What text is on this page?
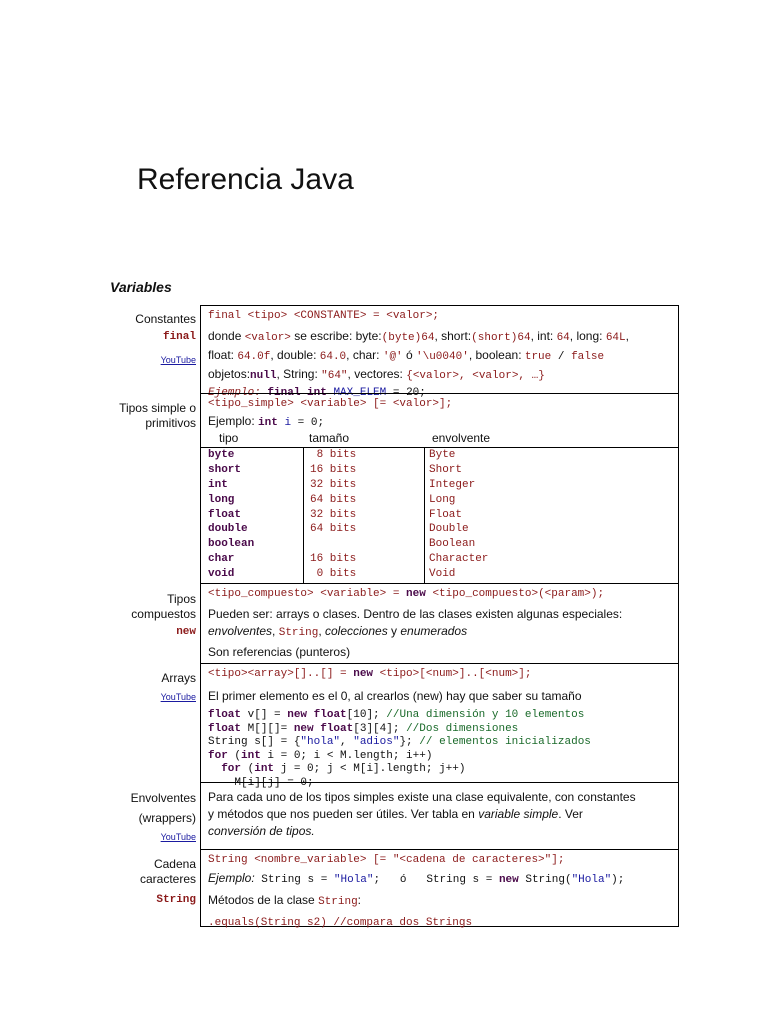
Referencia Java
Variables
Constantes
final
YouTube
final <tipo> <CONSTANTE> = <valor>;
donde <valor> se escribe: byte:(byte)64, short:(short)64, int: 64, long: 64L,
float: 64.0f, double: 64.0, char: '@' ó '\u0040', boolean: true / false
objetos:null, String: "64", vectores: {<valor>, <valor>, …}
Ejemplo: final int MAX_ELEM = 20;
Tipos simple o
primitivos
<tipo_simple> <variable> [= <valor>];
Ejemplo: int i = 0;
tipo	tamaño	envolvente
byte
short
int
long
float
double
boolean
char
void
8 bits
16 bits
32 bits
64 bits
32 bits
64 bits
16 bits
0 bits
Byte
Short
Integer
Long
Float
Double
Boolean
Character
Void
Tipos
compuestos
new
<tipo_compuesto> <variable> = new <tipo_compuesto>(<param>);
Pueden ser: arrays o clases. Dentro de las clases existen algunas especiales:
envolventes, String, colecciones y enumerados
Son referencias (punteros)
Arrays
YouTube
<tipo><array>[]..[] = new <tipo>[<num>]..[<num>];
El primer elemento es el 0, al crearlos (new) hay que saber su tamaño
float v[] = new float[10]; //Una dimensión y 10 elementos
float M[][]= new float[3][4]; //Dos dimensiones
String s[] = {"hola", "adios"}; // elementos inicializados
for (int i = 0; i < M.length; i++)
for (int j = 0; j < M[i].length; j++)
M[i][j] = 0;
Envolventes
(wrappers)
YouTube
Para cada uno de los tipos simples existe una clase equivalente, con constantes
y métodos que nos pueden ser útiles. Ver tabla en variable simple. Ver
conversión de tipos.
Cadena
caracteres
String
String <nombre_variable> [= "<cadena de caracteres>"];
Ejemplo: String s = "Hola";   ó   String s = new String("Hola");
Métodos de la clase String:
.equals(String s2) //compara dos Strings
